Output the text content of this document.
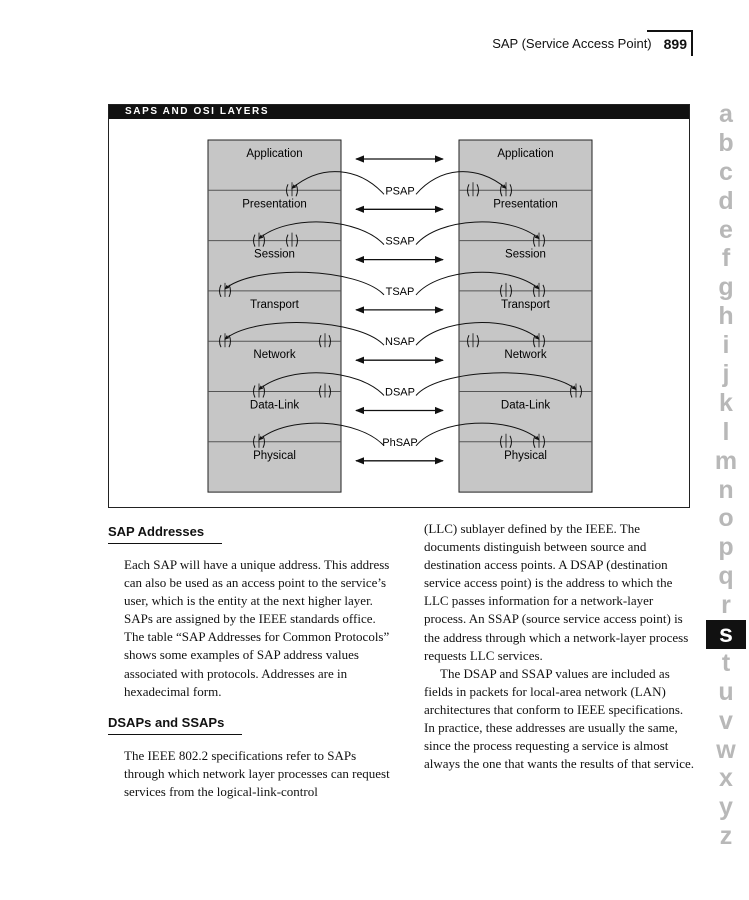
SAP (Service Access Point) 899
SAPS AND OSI LAYERS
Application	Application
Presentation	Presentation
Session	Session
Transport	Transport
Network	Network
Data-Link	Data-Link
Physical	Physical
PSAP
SSAP
TSAP
NSAP
DSAP
PhSAP
a
b
c
d
e
f
g
h
i
j
k
l
m
n
o
p
q
r
s
t
u
v
w
x
y
z
SAP Addresses

Each SAP will have a unique address. This address can also be used as an access point to the service’s user, which is the entity at the next higher layer. SAPs are assigned by the IEEE standards office. The table “SAP Addresses for Common Protocols” shows some examples of SAP address values associated with protocols. Addresses are in hexadecimal form.

DSAPs and SSAPs

The IEEE 802.2 specifications refer to SAPs through which network layer processes can request services from the logical-link-control

(LLC) sublayer defined by the IEEE. The documents distinguish between source and destination access points. A DSAP (destination service access point) is the address to which the LLC passes information for a network-layer process. An SSAP (source service access point) is the address through which a network-layer process requests LLC services.

The DSAP and SSAP values are included as fields in packets for local-area network (LAN) architectures that conform to IEEE specifications. In practice, these addresses are usually the same, since the process requesting a service is almost always the one that wants the results of that service.
